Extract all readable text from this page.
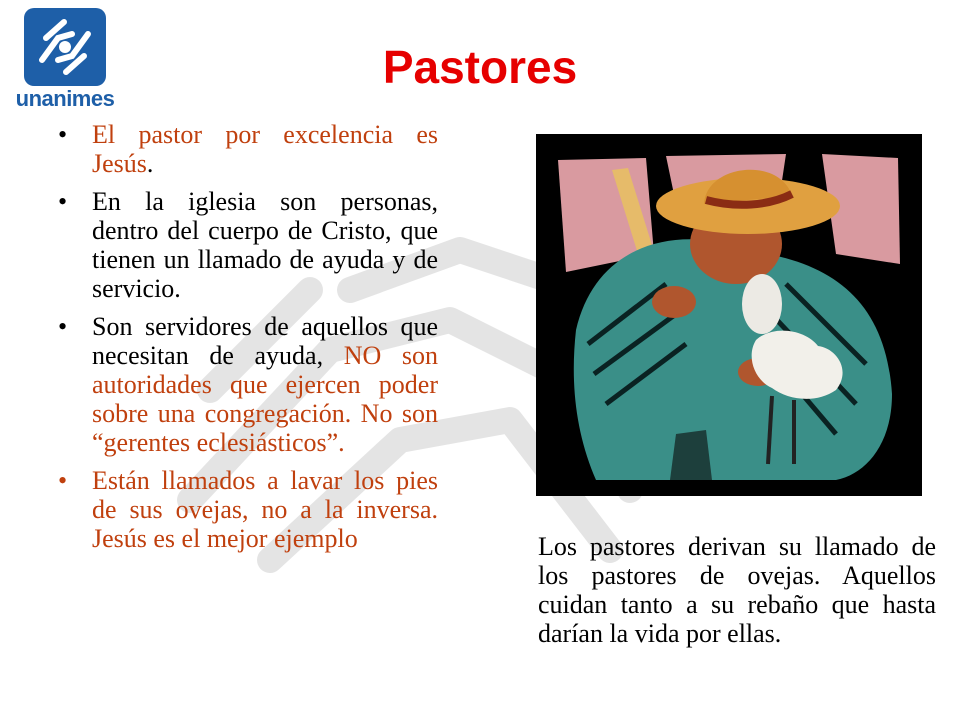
unanimes
Pastores
• El pastor por excelencia es Jesús.
• En la iglesia son personas, dentro del cuerpo de Cristo, que tienen un llamado de ayuda y de servicio.
• Son servidores de aquellos que necesitan de ayuda, NO son autoridades que ejercen poder sobre una congregación. No son “gerentes eclesiásticos”.
• Están llamados a lavar los pies de sus ovejas, no a la inversa. Jesús es el mejor ejemplo	Los pastores derivan su llamado de los pastores de ovejas. Aquellos cuidan tanto a su rebaño que hasta darían la vida por ellas.
